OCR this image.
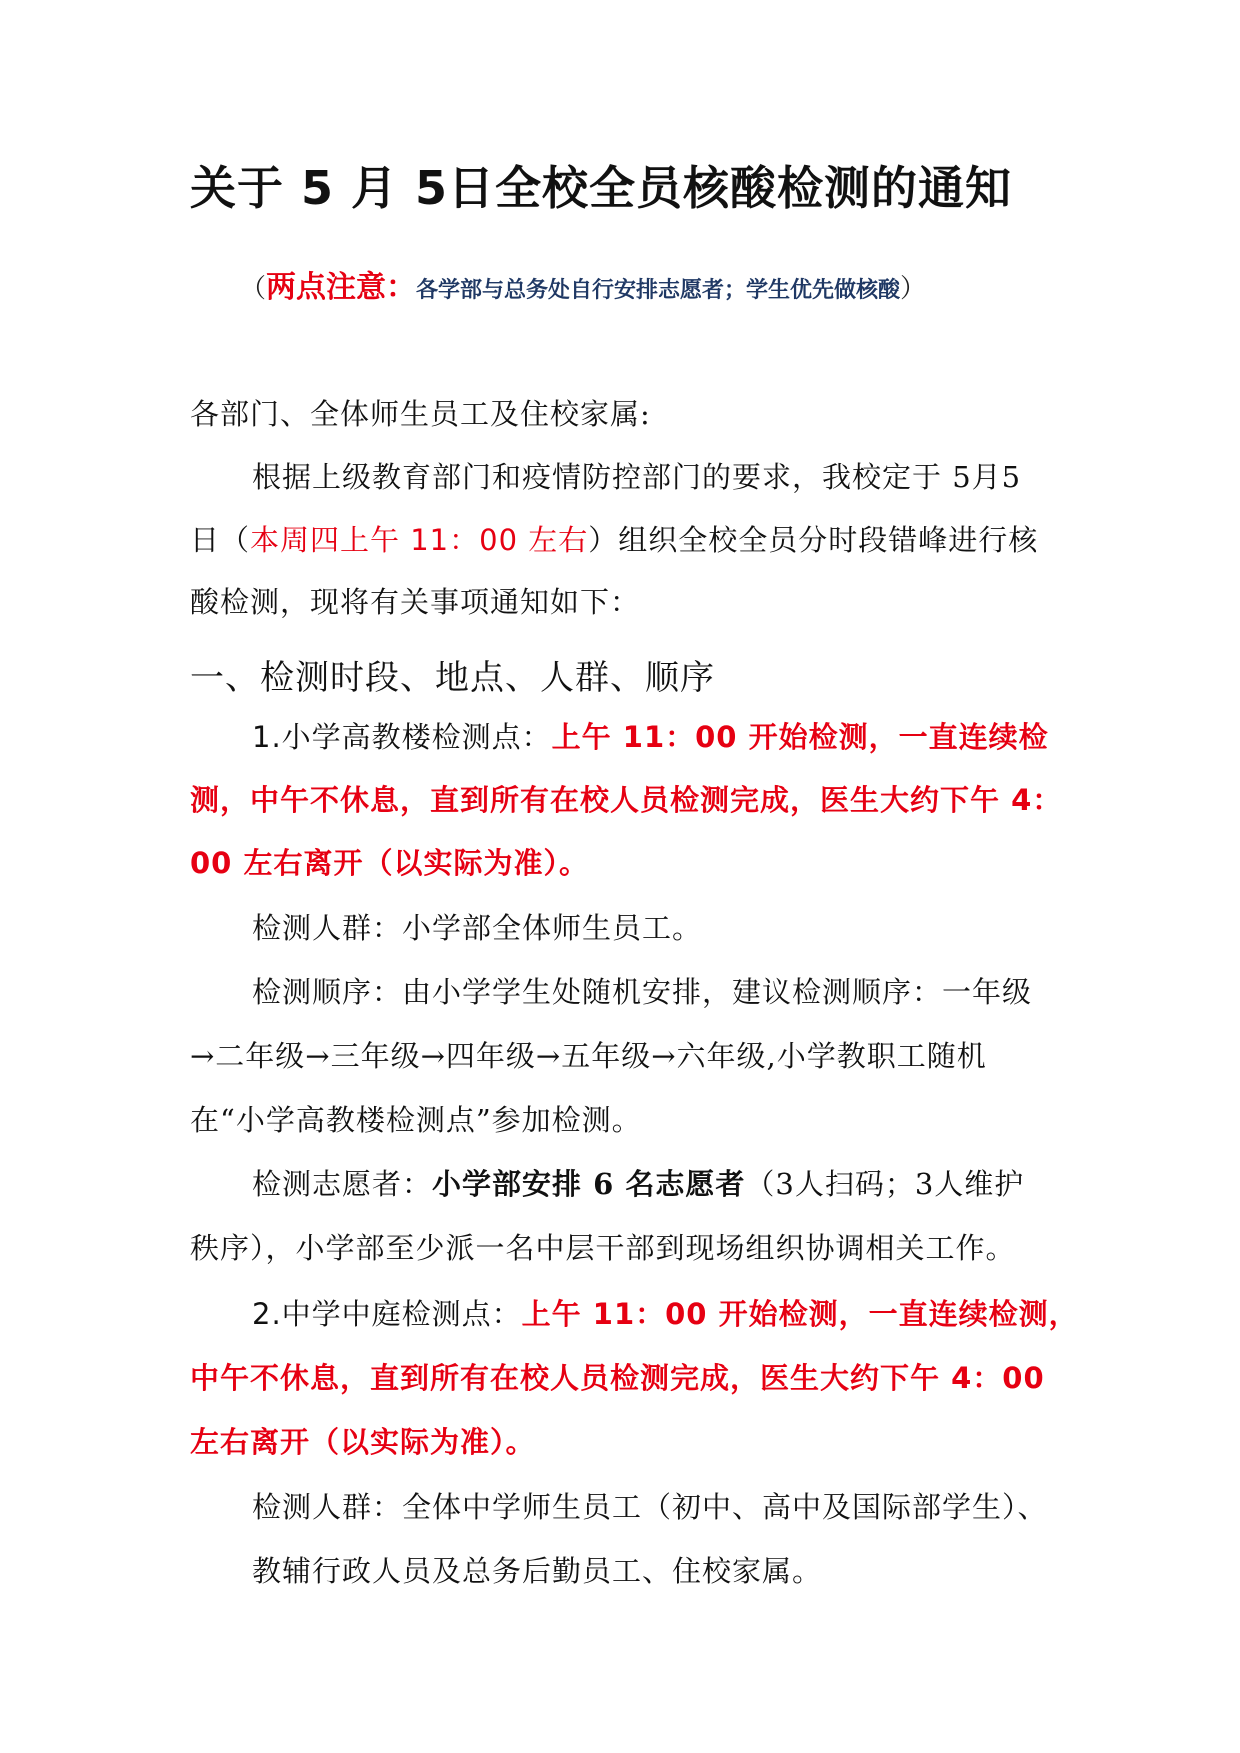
关于 5 月 5日全校全员核酸检测的通知
（两点注意：各学部与总务处自行安排志愿者；学生优先做核酸）
各部门、全体师生员工及住校家属:
根据上级教育部门和疫情防控部门的要求，我校定于 5月5
日（本周四上午 11：00 左右）组织全校全员分时段错峰进行核
酸检测，现将有关事项通知如下：
一、检测时段、地点、人群、顺序
1.小学高教楼检测点：上午 11：00 开始检测，一直连续检
测，中午不休息，直到所有在校人员检测完成，医生大约下午 4：
00 左右离开（以实际为准）。
检测人群：小学部全体师生员工。
检测顺序：由小学学生处随机安排，建议检测顺序：一年级
→二年级→三年级→四年级→五年级→六年级,小学教职工随机
在“小学高教楼检测点”参加检测。
检测志愿者：小学部安排 6 名志愿者（3人扫码；3人维护
秩序），小学部至少派一名中层干部到现场组织协调相关工作。
2.中学中庭检测点：上午 11：00 开始检测，一直连续检测，
中午不休息，直到所有在校人员检测完成，医生大约下午 4：00
左右离开（以实际为准）。
检测人群：全体中学师生员工（初中、高中及国际部学生）、
教辅行政人员及总务后勤员工、住校家属。
